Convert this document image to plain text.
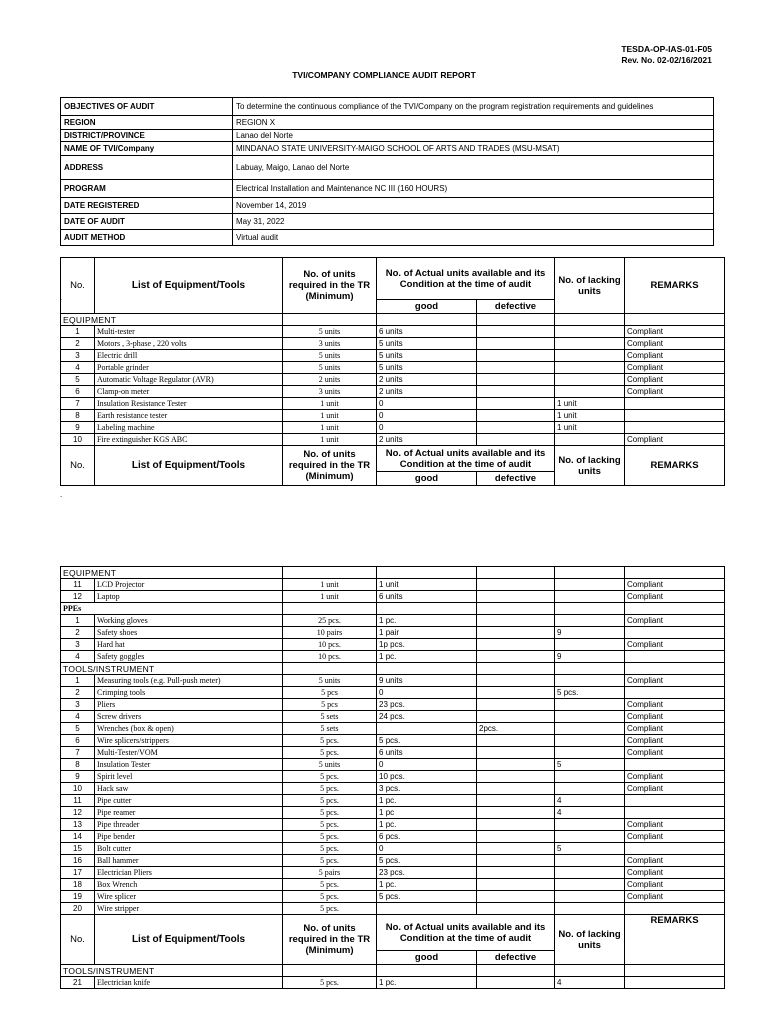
TESDA-OP-IAS-01-F05
Rev. No. 02-02/16/2021
TVI/COMPANY COMPLIANCE AUDIT REPORT
OBJECTIVES OF AUDIT	To determine the continuous compliance of the TVI/Company on the program registration requirements and guidelines
REGION	REGION X
DISTRICT/PROVINCE	Lanao del Norte
NAME OF TVI/Company	MINDANAO STATE UNIVERSITY-MAIGO SCHOOL OF ARTS AND TRADES (MSU-MSAT)
ADDRESS	Labuay, Maigo, Lanao del Norte
PROGRAM	Electrical Installation and Maintenance NC III (160 HOURS)
DATE REGISTERED	November 14, 2019
DATE OF AUDIT	May 31, 2022
AUDIT METHOD	Virtual audit
No.	List of Equipment/Tools	No. of units required in the TR (Minimum)	No. of Actual units available and its Condition at the time of audit		No. of lacking units	REMARKS
			good	defective		
EQUIPMENT						
1	Multi-tester	5 units	6 units			Compliant
2	Motors , 3-phase , 220 volts	3 units	5 units			Compliant
3	Electric drill	5 units	5 units			Compliant
4	Portable grinder	5 units	5 units			Compliant
5	Automatic Voltage Regulator (AVR)	2 units	2 units			Compliant
6	Clamp-on meter	3 units	2 units			Compliant
7	Insulation Resistance Tester	1 unit	0		1 unit	
8	Earth resistance tester	1 unit	0		1 unit	
9	Labeling machine	1 unit	0		1 unit	
10	Fire extinguisher KGS ABC	1 unit	2 units			Compliant
No.	List of Equipment/Tools	No. of units required in the TR (Minimum)	No. of Actual units available and its Condition at the time of audit		No. of lacking units	REMARKS
			good	defective		
.
.
EQUIPMENT						
11	LCD Projector	1 unit	1 unit			Compliant
12	Laptop	1 unit	6 units			Compliant
PPEs						
1	Working gloves	25 pcs.	1 pc.			Compliant
2	Safety shoes	10 pairs	1 pair		9	
3	Hard hat	10 pcs.	1p pcs.			Compliant
4	Safety goggles	10 pcs.	1 pc.		9	
TOOLS/INSTRUMENT						
1	Measuring tools (e.g. Pull-push meter)	5 units	9 units			Compliant
2	Crimping tools	5 pcs	0		5 pcs.	
3	Pliers	5 pcs	23 pcs.			Compliant
4	Screw drivers	5 sets	24 pcs.			Compliant
5	Wrenches (box & open)	5 sets		2pcs.		Compliant
6	Wire splicers/strippers	5 pcs.	5 pcs.			Compliant
7	Multi-Tester/VOM	5 pcs.	6 units			Compliant
8	Insulation Tester	5 units	0		5	
9	Spirit level	5 pcs.	10 pcs.			Compliant
10	Hack saw	5 pcs.	3 pcs.			Compliant
11	Pipe cutter	5 pcs.	1 pc.		4	
12	Pipe reamer	5 pcs.	1 pc		4	
13	Pipe threader	5 pcs.	1 pc.			Compliant
14	Pipe bender	5 pcs.	6 pcs.			Compliant
15	Bolt cutter	5 pcs.	0		5	
16	Ball hammer	5 pcs.	5 pcs.			Compliant
17	Electrician Pliers	5 pairs	23 pcs.			Compliant
18	Box Wrench	5 pcs.	1 pc.			Compliant
19	Wire splicer	5 pcs.	5 pcs.			Compliant
20	Wire stripper	5 pcs.				
No.	List of Equipment/Tools	No. of units required in the TR (Minimum)	No. of Actual units available and its Condition at the time of audit		No. of lacking units	REMARKS
			good	defective		
TOOLS/INSTRUMENT						
21	Electrician knife	5 pcs.	1 pc.		4	
